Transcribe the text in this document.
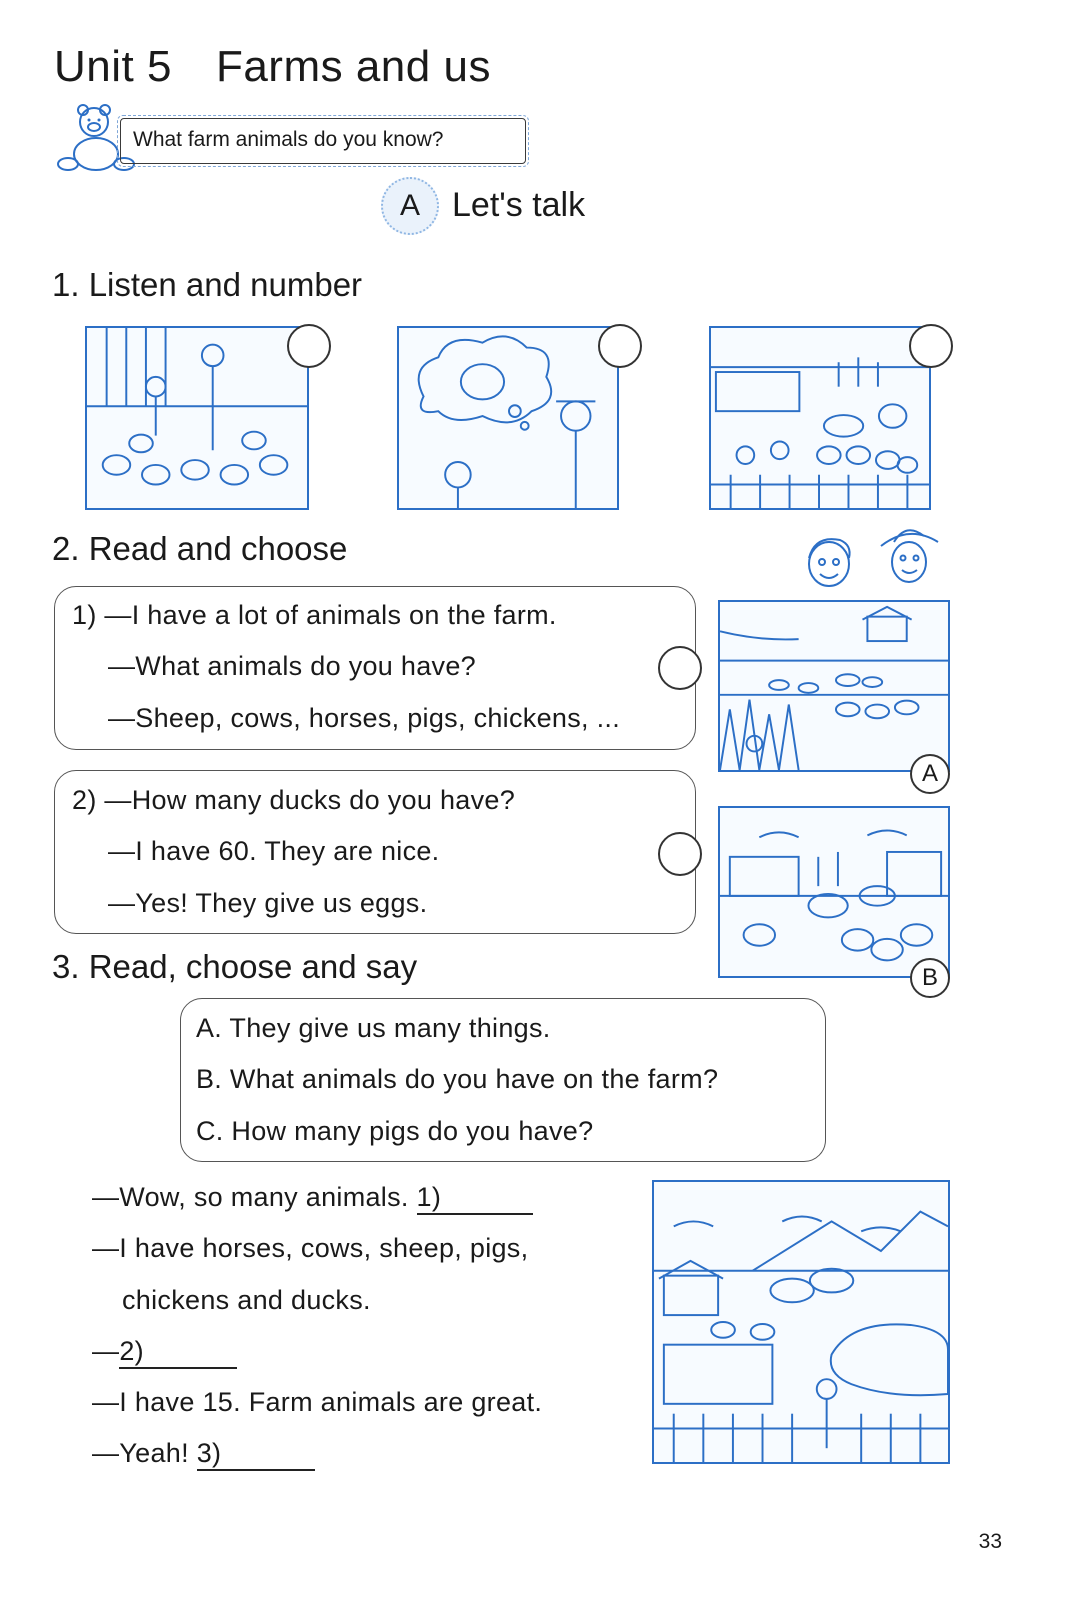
Unit 5 Farms and us
What farm animals do you know?
A Let's talk
1. Listen and number
2. Read and choose
1) —I have a lot of animals on the farm.
—What animals do you have?
—Sheep, cows, horses, pigs, chickens, ...
2) —How many ducks do you have?
—I have 60. They are nice.
—Yes! They give us eggs.
A
B
3. Read, choose and say
A. They give us many things.
B. What animals do you have on the farm?
C. How many pigs do you have?
—Wow, so many animals. 1)
—I have horses, cows, sheep, pigs,
chickens and ducks.
—2)
—I have 15. Farm animals are great.
—Yeah! 3)
33
